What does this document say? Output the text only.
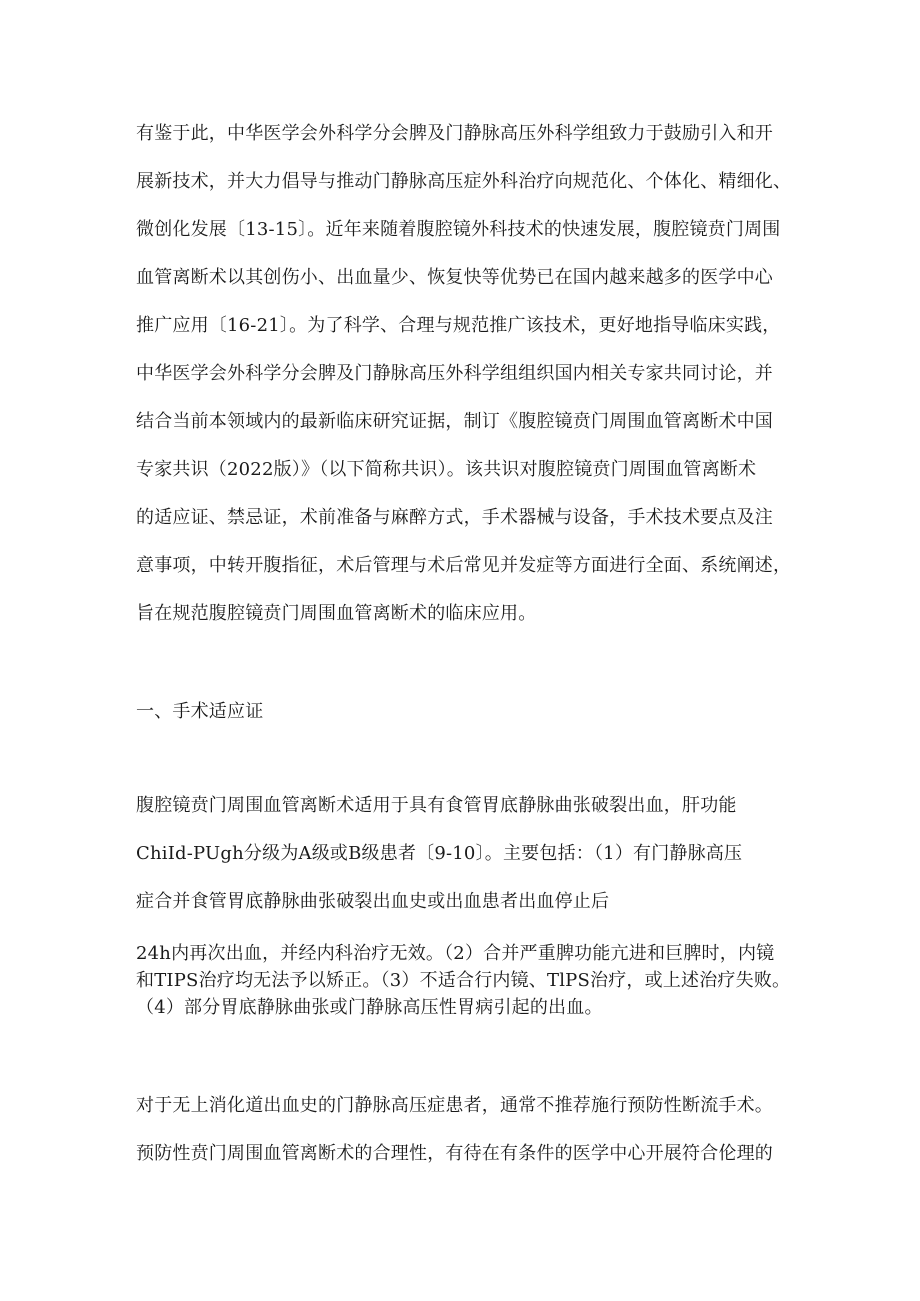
有鉴于此，中华医学会外科学分会脾及门静脉高压外科学组致力于鼓励引入和开
展新技术，并大力倡导与推动门静脉高压症外科治疗向规范化、个体化、精细化、
微创化发展〔13-15〕。近年来随着腹腔镜外科技术的快速发展，腹腔镜贲门周围
血管离断术以其创伤小、出血量少、恢复快等优势已在国内越来越多的医学中心
推广应用〔16-21〕。为了科学、合理与规范推广该技术，更好地指导临床实践，
中华医学会外科学分会脾及门静脉高压外科学组组织国内相关专家共同讨论，并
结合当前本领域内的最新临床研究证据，制订《腹腔镜贲门周围血管离断术中国
专家共识（2022版）》（以下简称共识）。该共识对腹腔镜贲门周围血管离断术
的适应证、禁忌证，术前准备与麻醉方式，手术器械与设备，手术技术要点及注
意事项，中转开腹指征，术后管理与术后常见并发症等方面进行全面、系统阐述，
旨在规范腹腔镜贲门周围血管离断术的临床应用。
一、手术适应证
腹腔镜贲门周围血管离断术适用于具有食管胃底静脉曲张破裂出血，肝功能
ChiId-PUgh分级为A级或B级患者〔9-10〕。主要包括：（1）有门静脉高压
症合并食管胃底静脉曲张破裂出血史或出血患者出血停止后
24h内再次出血，并经内科治疗无效。（2）合并严重脾功能亢进和巨脾时，内镜
和TIPS治疗均无法予以矫正。（3）不适合行内镜、TlPS治疗，或上述治疗失败。
（4）部分胃底静脉曲张或门静脉高压性胃病引起的出血。
对于无上消化道出血史的门静脉高压症患者，通常不推荐施行预防性断流手术。
预防性贲门周围血管离断术的合理性，有待在有条件的医学中心开展符合伦理的
